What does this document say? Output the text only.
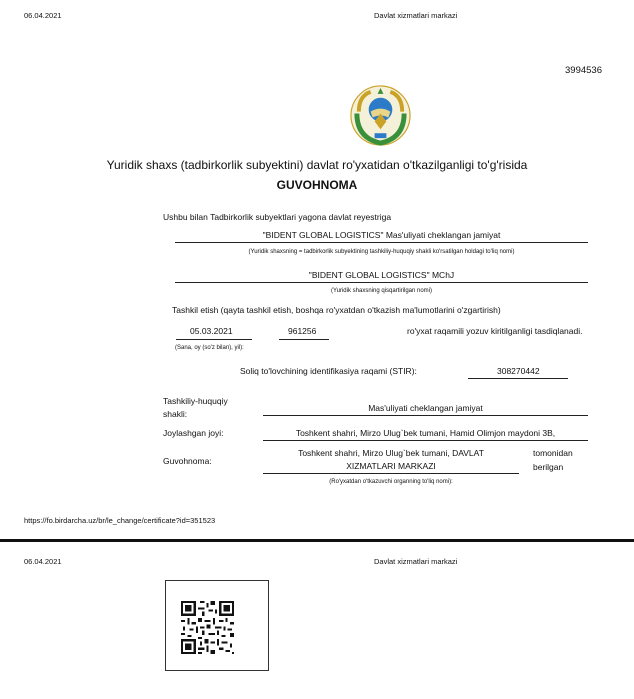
06.04.2021	Davlat xizmatlari markazi
3994536
Yuridik shaxs (tadbirkorlik subyektini) davlat ro'yxatidan o'tkazilganligi to'g'risida
GUVOHNOMA
Ushbu bilan Tadbirkorlik subyektlari yagona davlat reyestriga
"BIDENT GLOBAL LOGISTICS" Mas'uliyati cheklangan jamiyat
(Yuridik shaxsning = tadbirkorlik subyektining tashkiliy-huquqiy shakli ko'rsatilgan holdagi to'liq nomi)
"BIDENT GLOBAL LOGISTICS" MChJ
(Yuridik shaxsning qisqartirilgan nomi)
Tashkil etish (qayta tashkil etish, boshqa ro'yxatdan o'tkazish ma'lumotlarini o'zgartirish)
05.03.2021	961256	ro'yxat raqamili yozuv kiritilganligi tasdiqlanadi.
(Sana, oy (so'z bilan), yil):
Soliq to'lovchining identifikasiya raqami (STIR):	308270442
Tashkiliy-huquqiy
shakli:
Mas'uliyati cheklangan jamiyat
Joylashgan joyi:	Toshkent shahri, Mirzo Ulug`bek tumani, Hamid Olimjon maydoni 3B,
Guvohnoma:
Toshkent shahri, Mirzo Ulug`bek tumani, DAVLAT
XIZMATLARI MARKAZI
tomonidan
berilgan
(Ro'yxatdan o'tkazuvchi organning to'liq nomi):
https://fo.birdarcha.uz/br/le_change/certificate?id=351523
06.04.2021	Davlat xizmatlari markazi
